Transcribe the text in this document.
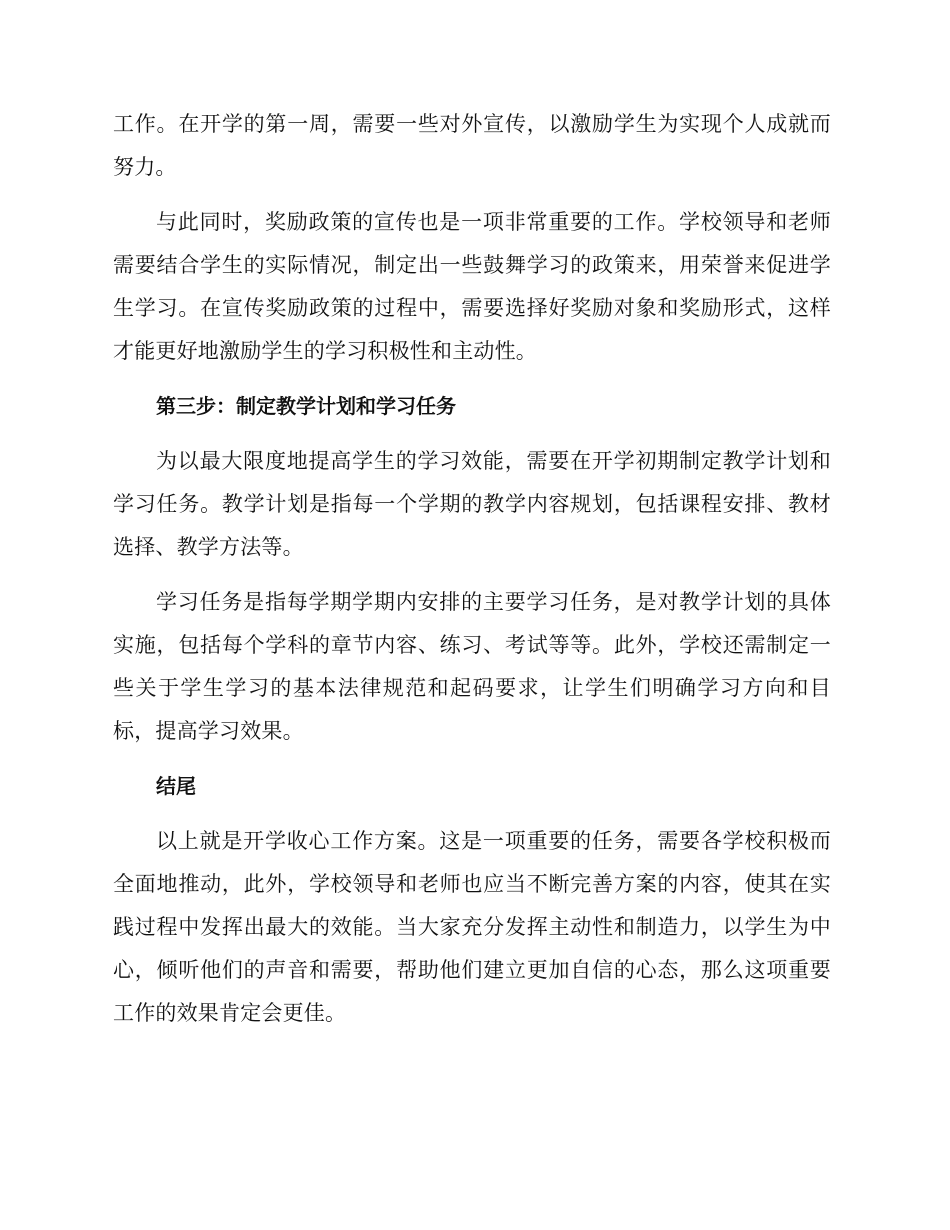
工作。在开学的第一周，需要一些对外宣传，以激励学生为实现个人成就而努力。

与此同时，奖励政策的宣传也是一项非常重要的工作。学校领导和老师需要结合学生的实际情况，制定出一些鼓舞学习的政策来，用荣誉来促进学生学习。在宣传奖励政策的过程中，需要选择好奖励对象和奖励形式，这样才能更好地激励学生的学习积极性和主动性。

第三步：制定教学计划和学习任务

为以最大限度地提高学生的学习效能，需要在开学初期制定教学计划和学习任务。教学计划是指每一个学期的教学内容规划，包括课程安排、教材选择、教学方法等。

学习任务是指每学期学期内安排的主要学习任务，是对教学计划的具体实施，包括每个学科的章节内容、练习、考试等等。此外，学校还需制定一些关于学生学习的基本法律规范和起码要求，让学生们明确学习方向和目标，提高学习效果。

结尾

以上就是开学收心工作方案。这是一项重要的任务，需要各学校积极而全面地推动，此外，学校领导和老师也应当不断完善方案的内容，使其在实践过程中发挥出最大的效能。当大家充分发挥主动性和制造力，以学生为中心，倾听他们的声音和需要，帮助他们建立更加自信的心态，那么这项重要工作的效果肯定会更佳。
